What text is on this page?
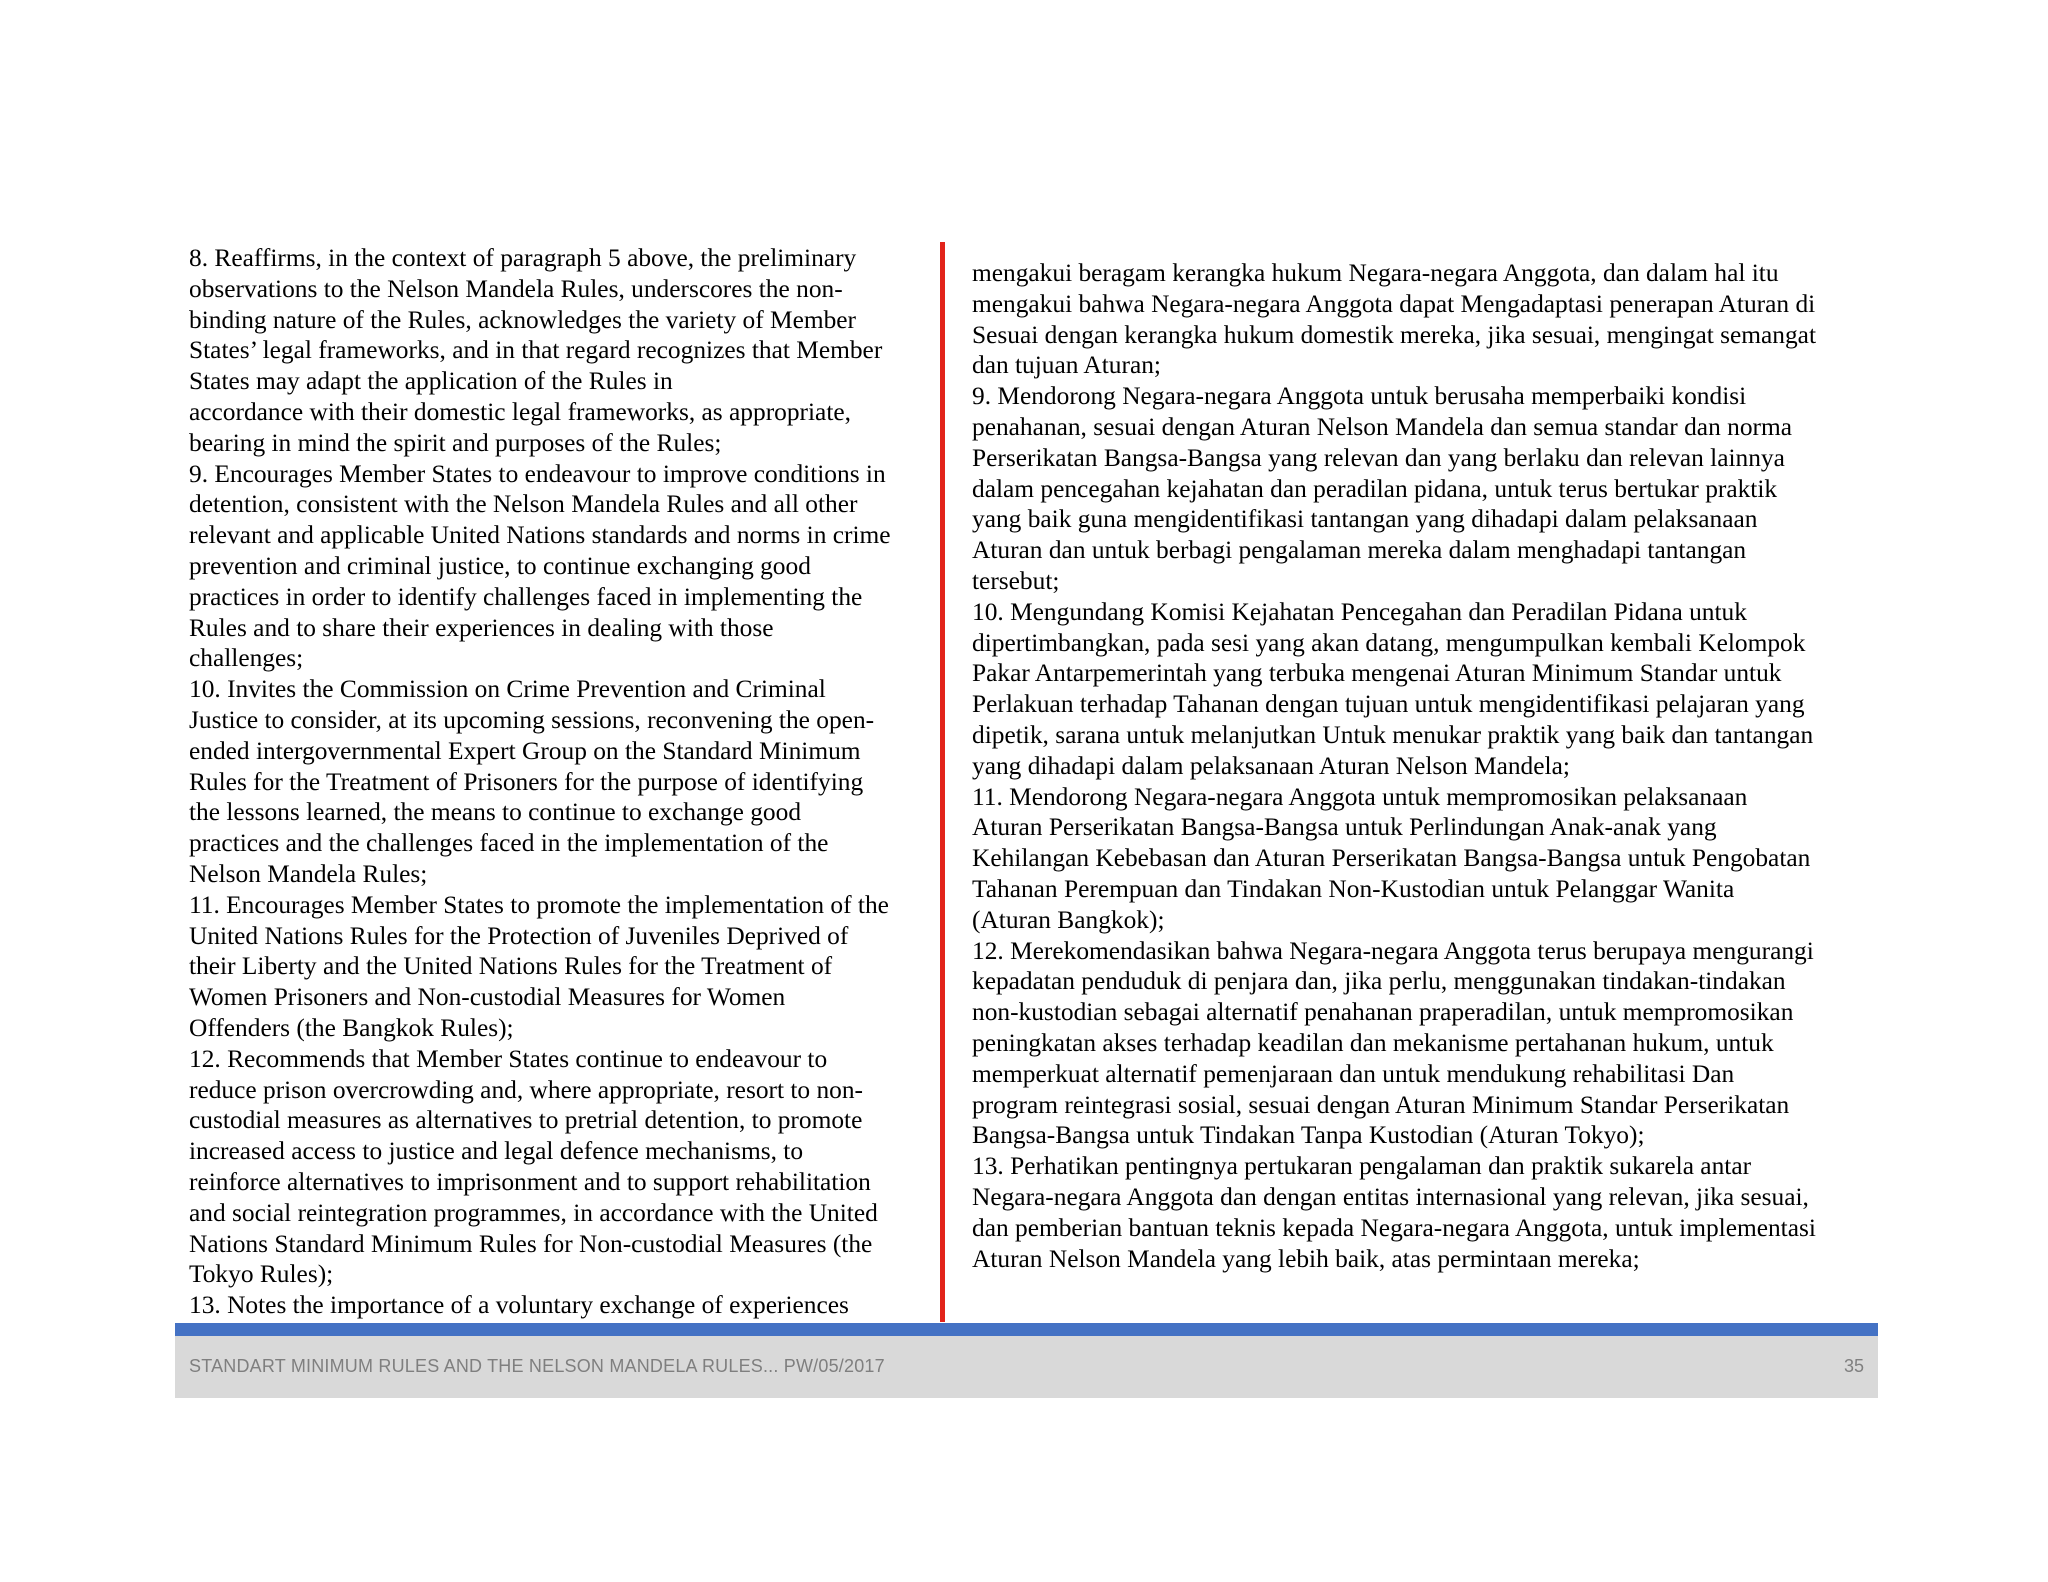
8. Reaffirms, in the context of paragraph 5 above, the preliminary
observations to the Nelson Mandela Rules, underscores the non-
binding nature of the Rules, acknowledges the variety of Member
States’ legal frameworks, and in that regard recognizes that Member
States may adapt the application of the Rules in
accordance with their domestic legal frameworks, as appropriate,
bearing in mind the spirit and purposes of the Rules;
9. Encourages Member States to endeavour to improve conditions in
detention, consistent with the Nelson Mandela Rules and all other
relevant and applicable United Nations standards and norms in crime
prevention and criminal justice, to continue exchanging good
practices in order to identify challenges faced in implementing the
Rules and to share their experiences in dealing with those
challenges;
10. Invites the Commission on Crime Prevention and Criminal
Justice to consider, at its upcoming sessions, reconvening the open-
ended intergovernmental Expert Group on the Standard Minimum
Rules for the Treatment of Prisoners for the purpose of identifying
the lessons learned, the means to continue to exchange good
practices and the challenges faced in the implementation of the
Nelson Mandela Rules;
11. Encourages Member States to promote the implementation of the
United Nations Rules for the Protection of Juveniles Deprived of
their Liberty and the United Nations Rules for the Treatment of
Women Prisoners and Non-custodial Measures for Women
Offenders (the Bangkok Rules);
12. Recommends that Member States continue to endeavour to
reduce prison overcrowding and, where appropriate, resort to non-
custodial measures as alternatives to pretrial detention, to promote
increased access to justice and legal defence mechanisms, to
reinforce alternatives to imprisonment and to support rehabilitation
and social reintegration programmes, in accordance with the United
Nations Standard Minimum Rules for Non-custodial Measures (the
Tokyo Rules);
13. Notes the importance of a voluntary exchange of experiences
mengakui beragam kerangka hukum Negara-negara Anggota, dan dalam hal itu
mengakui bahwa Negara-negara Anggota dapat Mengadaptasi penerapan Aturan di
Sesuai dengan kerangka hukum domestik mereka, jika sesuai, mengingat semangat
dan tujuan Aturan;
9. Mendorong Negara-negara Anggota untuk berusaha memperbaiki kondisi
penahanan, sesuai dengan Aturan Nelson Mandela dan semua standar dan norma
Perserikatan Bangsa-Bangsa yang relevan dan yang berlaku dan relevan lainnya
dalam pencegahan kejahatan dan peradilan pidana, untuk terus bertukar praktik
yang baik guna mengidentifikasi tantangan yang dihadapi dalam pelaksanaan
Aturan dan untuk berbagi pengalaman mereka dalam menghadapi tantangan
tersebut;
10. Mengundang Komisi Kejahatan Pencegahan dan Peradilan Pidana untuk
dipertimbangkan, pada sesi yang akan datang, mengumpulkan kembali Kelompok
Pakar Antarpemerintah yang terbuka mengenai Aturan Minimum Standar untuk
Perlakuan terhadap Tahanan dengan tujuan untuk mengidentifikasi pelajaran yang
dipetik, sarana untuk melanjutkan Untuk menukar praktik yang baik dan tantangan
yang dihadapi dalam pelaksanaan Aturan Nelson Mandela;
11. Mendorong Negara-negara Anggota untuk mempromosikan pelaksanaan
Aturan Perserikatan Bangsa-Bangsa untuk Perlindungan Anak-anak yang
Kehilangan Kebebasan dan Aturan Perserikatan Bangsa-Bangsa untuk Pengobatan
Tahanan Perempuan dan Tindakan Non-Kustodian untuk Pelanggar Wanita
(Aturan Bangkok);
12. Merekomendasikan bahwa Negara-negara Anggota terus berupaya mengurangi
kepadatan penduduk di penjara dan, jika perlu, menggunakan tindakan-tindakan
non-kustodian sebagai alternatif penahanan praperadilan, untuk mempromosikan
peningkatan akses terhadap keadilan dan mekanisme pertahanan hukum, untuk
memperkuat alternatif pemenjaraan dan untuk mendukung rehabilitasi Dan
program reintegrasi sosial, sesuai dengan Aturan Minimum Standar Perserikatan
Bangsa-Bangsa untuk Tindakan Tanpa Kustodian (Aturan Tokyo);
13. Perhatikan pentingnya pertukaran pengalaman dan praktik sukarela antar
Negara-negara Anggota dan dengan entitas internasional yang relevan, jika sesuai,
dan pemberian bantuan teknis kepada Negara-negara Anggota, untuk implementasi
Aturan Nelson Mandela yang lebih baik, atas permintaan mereka;
STANDART MINIMUM RULES AND THE NELSON MANDELA RULES... PW/05/2017	35
